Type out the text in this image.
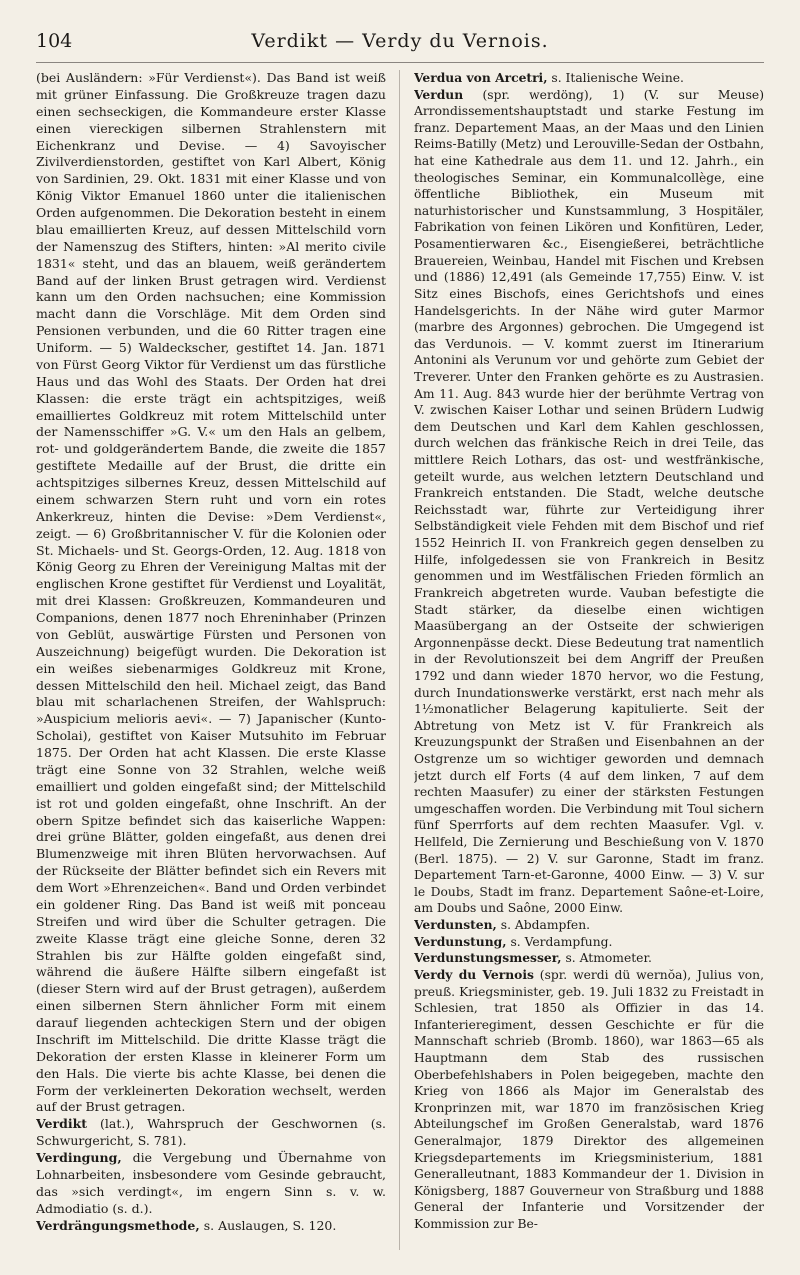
104	Verdikt — Verdy du Vernois.

(bei Ausländern: »Für Verdienst«). Das Band ist weiß mit grüner Einfassung. Die Großkreuze tragen dazu einen sechseckigen, die Kommandeure erster Klasse einen viereckigen silbernen Strahlenstern mit Eichenkranz und Devise. — 4) Savoyischer Zivilverdienstorden, gestiftet von Karl Albert, König von Sardinien, 29. Okt. 1831 mit einer Klasse und von König Viktor Emanuel 1860 unter die italienischen Orden aufgenommen. Die Dekoration besteht in einem blau emaillierten Kreuz, auf dessen Mittelschild vorn der Namenszug des Stifters, hinten: »Al merito civile 1831« steht, und das an blauem, weiß gerändertem Band auf der linken Brust getragen wird. Verdienst kann um den Orden nachsuchen; eine Kommission macht dann die Vorschläge. Mit dem Orden sind Pensionen verbunden, und die 60 Ritter tragen eine Uniform. — 5) Waldeckscher, gestiftet 14. Jan. 1871 von Fürst Georg Viktor für Verdienst um das fürstliche Haus und das Wohl des Staats. Der Orden hat drei Klassen: die erste trägt ein achtspitziges, weiß emailliertes Goldkreuz mit rotem Mittelschild unter der Namensschiffer »G. V.« um den Hals an gelbem, rot- und goldgerändertem Bande, die zweite die 1857 gestiftete Medaille auf der Brust, die dritte ein achtspitziges silbernes Kreuz, dessen Mittelschild auf einem schwarzen Stern ruht und vorn ein rotes Ankerkreuz, hinten die Devise: »Dem Verdienst«, zeigt. — 6) Großbritannischer V. für die Kolonien oder St. Michaels- und St. Georgs-Orden, 12. Aug. 1818 von König Georg zu Ehren der Vereinigung Maltas mit der englischen Krone gestiftet für Verdienst und Loyalität, mit drei Klassen: Großkreuzen, Kommandeuren und Companions, denen 1877 noch Ehreninhaber (Prinzen von Geblüt, auswärtige Fürsten und Personen von Auszeichnung) beigefügt wurden. Die Dekoration ist ein weißes siebenarmiges Goldkreuz mit Krone, dessen Mittelschild den heil. Michael zeigt, das Band blau mit scharlachenen Streifen, der Wahlspruch: »Auspicium melioris aevi«. — 7) Japanischer (Kunto-Scholai), gestiftet von Kaiser Mutsuhito im Februar 1875. Der Orden hat acht Klassen. Die erste Klasse trägt eine Sonne von 32 Strahlen, welche weiß emailliert und golden eingefaßt sind; der Mittelschild ist rot und golden eingefaßt, ohne Inschrift. An der obern Spitze befindet sich das kaiserliche Wappen: drei grüne Blätter, golden eingefaßt, aus denen drei Blumenzweige mit ihren Blüten hervorwachsen. Auf der Rückseite der Blätter befindet sich ein Revers mit dem Wort »Ehrenzeichen«. Band und Orden verbindet ein goldener Ring. Das Band ist weiß mit ponceau Streifen und wird über die Schulter getragen. Die zweite Klasse trägt eine gleiche Sonne, deren 32 Strahlen bis zur Hälfte golden eingefaßt sind, während die äußere Hälfte silbern eingefaßt ist (dieser Stern wird auf der Brust getragen), außerdem einen silbernen Stern ähnlicher Form mit einem darauf liegenden achteckigen Stern und der obigen Inschrift im Mittelschild. Die dritte Klasse trägt die Dekoration der ersten Klasse in kleinerer Form um den Hals. Die vierte bis achte Klasse, bei denen die Form der verkleinerten Dekoration wechselt, werden auf der Brust getragen.

Verdikt (lat.), Wahrspruch der Geschwornen (s. Schwurgericht, S. 781).

Verdingung, die Vergebung und Übernahme von Lohnarbeiten, insbesondere vom Gesinde gebraucht, das »sich verdingt«, im engern Sinn s. v. w. Admodiatio (s. d.).

Verdrängungsmethode, s. Auslaugen, S. 120.

Verdua von Arcetri, s. Italienische Weine.

Verdun (spr. werdöng), 1) (V. sur Meuse) Arrondissementshauptstadt und starke Festung im franz. Departement Maas, an der Maas und den Linien Reims-Batilly (Metz) und Lerouville-Sedan der Ostbahn, hat eine Kathedrale aus dem 11. und 12. Jahrh., ein theologisches Seminar, ein Kommunalcollège, eine öffentliche Bibliothek, ein Museum mit naturhistorischer und Kunstsammlung, 3 Hospitäler, Fabrikation von feinen Likören und Konfitüren, Leder, Posamentierwaren &c., Eisengießerei, beträchtliche Brauereien, Weinbau, Handel mit Fischen und Krebsen und (1886) 12,491 (als Gemeinde 17,755) Einw. V. ist Sitz eines Bischofs, eines Gerichtshofs und eines Handelsgerichts. In der Nähe wird guter Marmor (marbre des Argonnes) gebrochen. Die Umgegend ist das Verdunois. — V. kommt zuerst im Itinerarium Antonini als Verunum vor und gehörte zum Gebiet der Treverer. Unter den Franken gehörte es zu Austrasien. Am 11. Aug. 843 wurde hier der berühmte Vertrag von V. zwischen Kaiser Lothar und seinen Brüdern Ludwig dem Deutschen und Karl dem Kahlen geschlossen, durch welchen das fränkische Reich in drei Teile, das mittlere Reich Lothars, das ost- und westfränkische, geteilt wurde, aus welchen letztern Deutschland und Frankreich entstanden. Die Stadt, welche deutsche Reichsstadt war, führte zur Verteidigung ihrer Selbständigkeit viele Fehden mit dem Bischof und rief 1552 Heinrich II. von Frankreich gegen denselben zu Hilfe, infolgedessen sie von Frankreich in Besitz genommen und im Westfälischen Frieden förmlich an Frankreich abgetreten wurde. Vauban befestigte die Stadt stärker, da dieselbe einen wichtigen Maasübergang an der Ostseite der schwierigen Argonnenpässe deckt. Diese Bedeutung trat namentlich in der Revolutionszeit bei dem Angriff der Preußen 1792 und dann wieder 1870 hervor, wo die Festung, durch Inundationswerke verstärkt, erst nach mehr als 1½monatlicher Belagerung kapitulierte. Seit der Abtretung von Metz ist V. für Frankreich als Kreuzungspunkt der Straßen und Eisenbahnen an der Ostgrenze um so wichtiger geworden und demnach jetzt durch elf Forts (4 auf dem linken, 7 auf dem rechten Maasufer) zu einer der stärksten Festungen umgeschaffen worden. Die Verbindung mit Toul sichern fünf Sperrforts auf dem rechten Maasufer. Vgl. v. Hellfeld, Die Zernierung und Beschießung von V. 1870 (Berl. 1875). — 2) V. sur Garonne, Stadt im franz. Departement Tarn-et-Garonne, 4000 Einw. — 3) V. sur le Doubs, Stadt im franz. Departement Saône-et-Loire, am Doubs und Saône, 2000 Einw.

Verdunsten, s. Abdampfen.

Verdunstung, s. Verdampfung.

Verdunstungsmesser, s. Atmometer.

Verdy du Vernois (spr. werdi dü wernŏa), Julius von, preuß. Kriegsminister, geb. 19. Juli 1832 zu Freistadt in Schlesien, trat 1850 als Offizier in das 14. Infanterieregiment, dessen Geschichte er für die Mannschaft schrieb (Bromb. 1860), war 1863—65 als Hauptmann dem Stab des russischen Oberbefehlshabers in Polen beigegeben, machte den Krieg von 1866 als Major im Generalstab des Kronprinzen mit, war 1870 im französischen Krieg Abteilungschef im Großen Generalstab, ward 1876 Generalmajor, 1879 Direktor des allgemeinen Kriegsdepartements im Kriegsministerium, 1881 Generalleutnant, 1883 Kommandeur der 1. Division in Königsberg, 1887 Gouverneur von Straßburg und 1888 General der Infanterie und Vorsitzender der Kommission zur Be-
